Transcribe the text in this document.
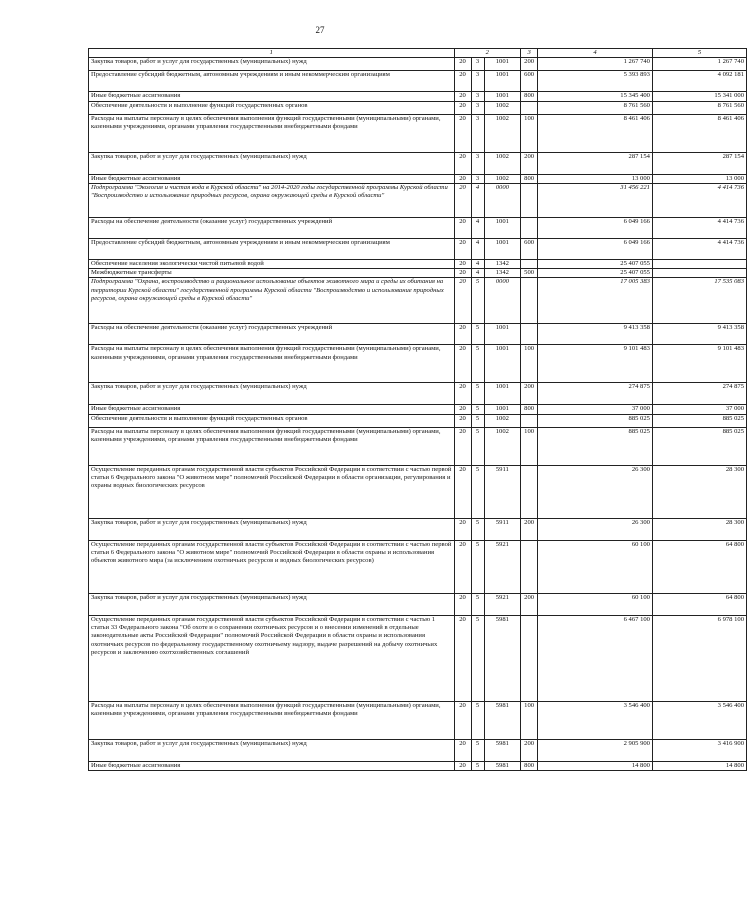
27
1	2			3	4	5
Закупка товаров, работ и услуг для государственных (муниципальных) нужд	20	3	1001	200	1 267 740	1 267 740
Предоставление субсидий бюджетным, автономным учреждениям и иным некоммерческим организациям	20	3	1001	600	5 393 893	4 092 181
Иные бюджетные ассигнования	20	3	1001	800	15 345 400	15 341 000
Обеспечение деятельности и выполнение функций государственных органов	20	3	1002		8 761 560	8 761 560
Расходы на выплаты персоналу в целях обеспечения выполнения функций государственными (муниципальными) органами, казенными учреждениями, органами управления государственными внебюджетными фондами	20	3	1002	100	8 461 406	8 461 406
Закупка товаров, работ и услуг для государственных (муниципальных) нужд	20	3	1002	200	287 154	287 154
Иные бюджетные ассигнования	20	3	1002	800	13 000	13 000
Подпрограмма "Экология и чистая вода в Курской области" на 2014-2020 годы государственной программы Курской области "Воспроизводство и использование природных ресурсов, охрана окружающей среды в Курской области"	20	4	0000		31 456 221	4 414 736
Расходы на обеспечение деятельности (оказание услуг) государственных учреждений	20	4	1001		6 049 166	4 414 736
Предоставление субсидий бюджетным, автономным учреждениям и иным некоммерческим организациям	20	4	1001	600	6 049 166	4 414 736
Обеспечение населения экологически чистой питьевой водой	20	4	1342		25 407 055	
Межбюджетные трансферты	20	4	1342	500	25 407 055	
Подпрограмма "Охрана, воспроизводство и рациональное использование объектов животного мира и среды их обитания на территории Курской области" государственной программы Курской области "Воспроизводство и использование природных ресурсов, охрана окружающей среды в Курской области"	20	5	0000		17 005 383	17 535 083
Расходы на обеспечение деятельности (оказание услуг) государственных учреждений	20	5	1001		9 413 358	9 413 358
Расходы на выплаты персоналу в целях обеспечения выполнения функций государственными (муниципальными) органами, казенными учреждениями, органами управления государственными внебюджетными фондами	20	5	1001	100	9 101 483	9 101 483
Закупка товаров, работ и услуг для государственных (муниципальных) нужд	20	5	1001	200	274 875	274 875
Иные бюджетные ассигнования	20	5	1001	800	37 000	37 000
Обеспечение деятельности и выполнение функций государственных органов	20	5	1002		885 025	885 025
Расходы на выплаты персоналу в целях обеспечения выполнения функций государственными (муниципальными) органами, казенными учреждениями, органами управления государственными внебюджетными фондами	20	5	1002	100	885 025	885 025
Осуществление переданных органам государственной власти субъектов Российской Федерации в соответствии с частью первой статьи 6 Федерального закона "О животном мире" полномочий Российской Федерации в области организации, регулирования и охраны водных биологических ресурсов	20	5	5911		26 300	28 300
Закупка товаров, работ и услуг для государственных (муниципальных) нужд	20	5	5911	200	26 300	28 300
Осуществление переданных органам государственной власти субъектов Российской Федерации в соответствии с частью первой статьи 6 Федерального закона "О животном мире" полномочий Российской Федерации в области охраны и использования объектов животного мира (за исключением охотничьих ресурсов и водных биологических ресурсов)	20	5	5921		60 100	64 800
Закупка товаров, работ и услуг для государственных (муниципальных) нужд	20	5	5921	200	60 100	64 800
Осуществление переданных органам государственной власти субъектов Российской Федерации в соответствии с частью 1 статьи 33 Федерального закона "Об охоте и о сохранении охотничьих ресурсов и о внесении изменений в отдельные законодательные акты Российской Федерации" полномочий Российской Федерации в области охраны и использования охотничьих ресурсов по федеральному государственному охотничьему надзору, выдаче разрешений на добычу охотничьих ресурсов и заключению охотхозяйственных соглашений	20	5	5981		6 467 100	6 978 100
Расходы на выплаты персоналу в целях обеспечения выполнения функций государственными (муниципальными) органами, казенными учреждениями, органами управления государственными внебюджетными фондами	20	5	5981	100	3 546 400	3 546 400
Закупка товаров, работ и услуг для государственных (муниципальных) нужд	20	5	5981	200	2 905 900	3 416 900
Иные бюджетные ассигнования	20	5	5981	800	14 800	14 800
